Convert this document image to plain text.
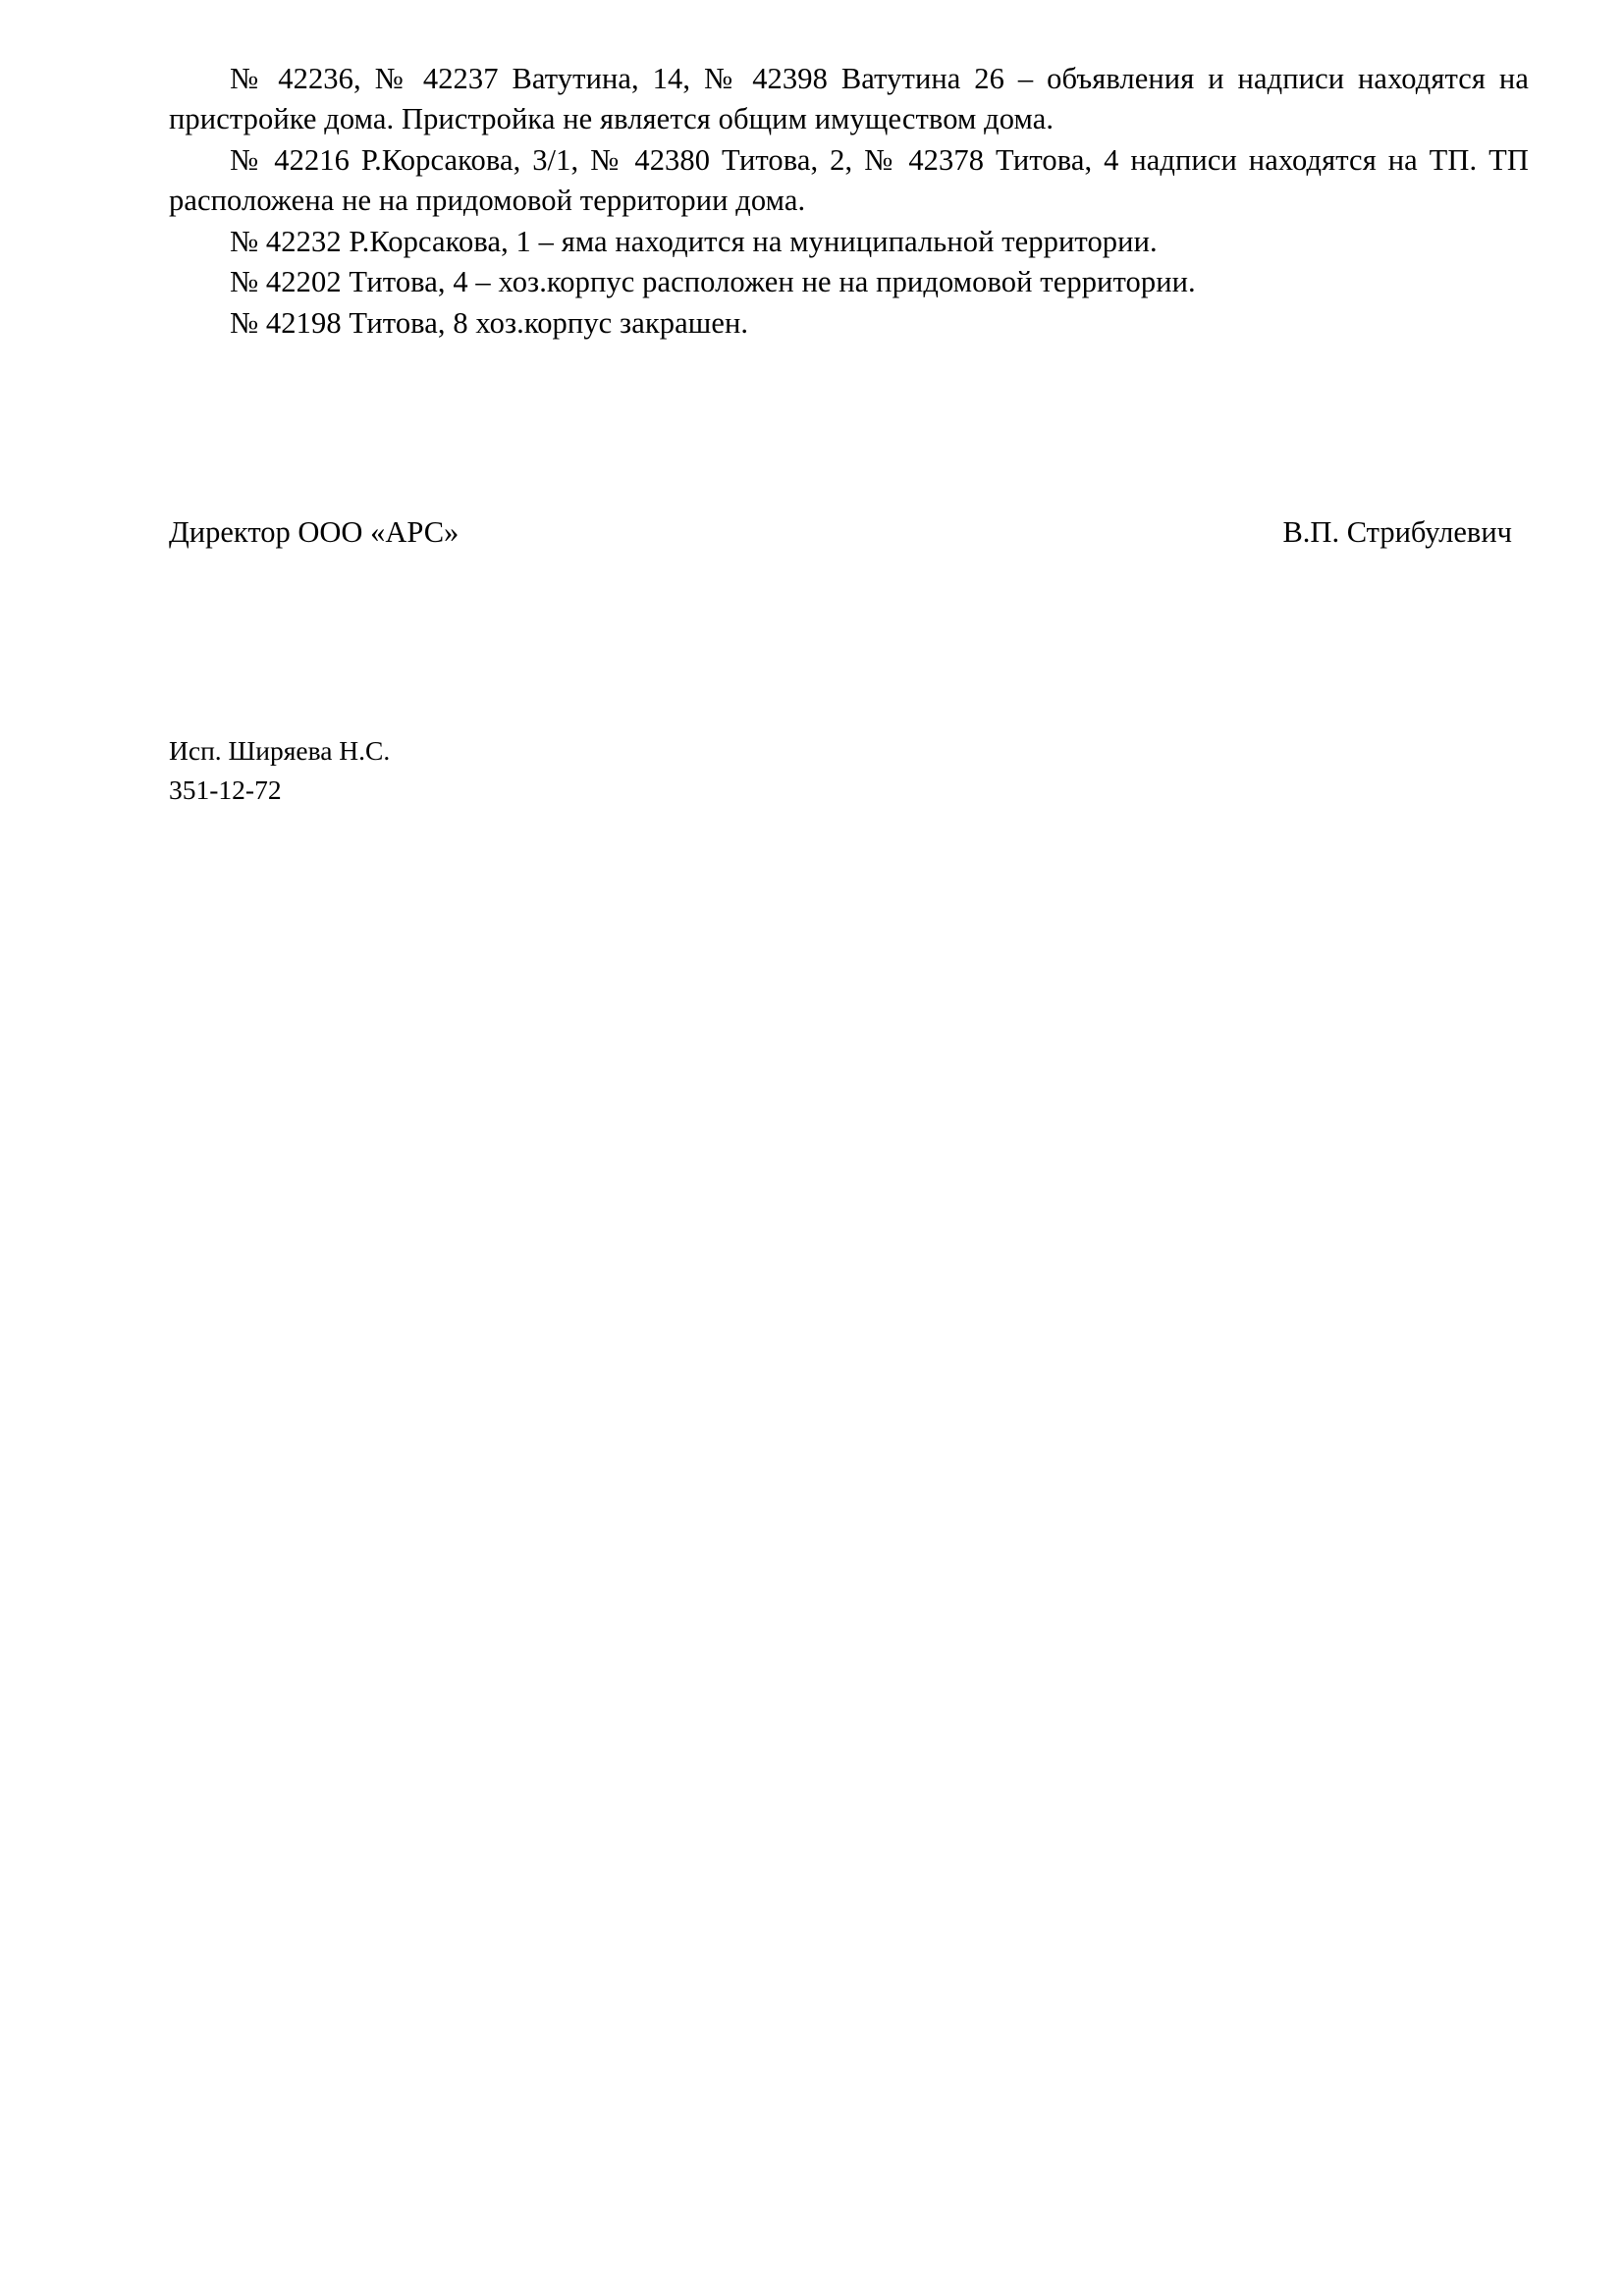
№ 42236, № 42237 Ватутина, 14, № 42398 Ватутина 26 – объявления и надписи находятся на пристройке дома. Пристройка не является общим имуществом дома.

№ 42216 Р.Корсакова, 3/1, № 42380 Титова, 2, № 42378 Титова, 4 надписи находятся на ТП. ТП расположена не на придомовой территории дома.

№ 42232 Р.Корсакова, 1 – яма находится на муниципальной территории.

№ 42202 Титова, 4 – хоз.корпус расположен не на придомовой территории.

№ 42198 Титова, 8 хоз.корпус закрашен.

Директор ООО «АРС»	В.П. Стрибулевич
Исп. Ширяева Н.С.
351-12-72
